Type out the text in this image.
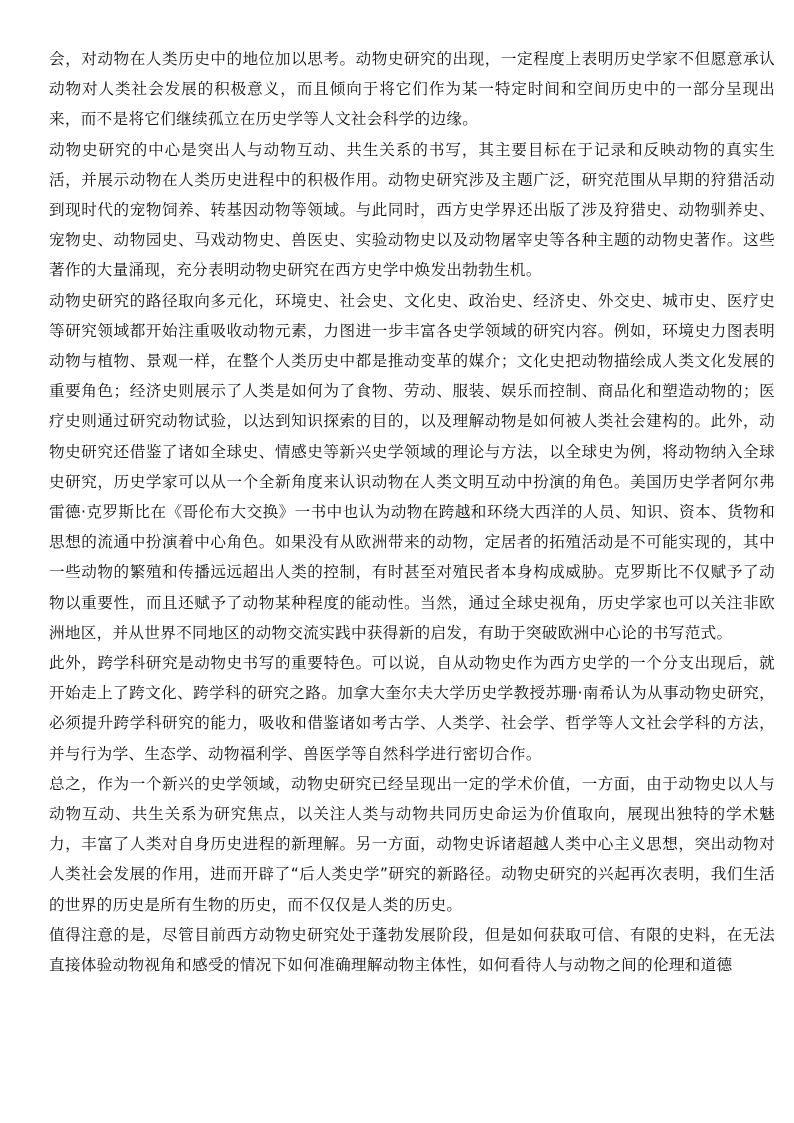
会，对动物在人类历史中的地位加以思考。动物史研究的出现，一定程度上表明历史学家不但愿意承认动物对人类社会发展的积极意义，而且倾向于将它们作为某一特定时间和空间历史中的一部分呈现出来，而不是将它们继续孤立在历史学等人文社会科学的边缘。

动物史研究的中心是突出人与动物互动、共生关系的书写，其主要目标在于记录和反映动物的真实生活，并展示动物在人类历史进程中的积极作用。动物史研究涉及主题广泛，研究范围从早期的狩猎活动到现时代的宠物饲养、转基因动物等领域。与此同时，西方史学界还出版了涉及狩猎史、动物驯养史、宠物史、动物园史、马戏动物史、兽医史、实验动物史以及动物屠宰史等各种主题的动物史著作。这些著作的大量涌现，充分表明动物史研究在西方史学中焕发出勃勃生机。

动物史研究的路径取向多元化，环境史、社会史、文化史、政治史、经济史、外交史、城市史、医疗史等研究领域都开始注重吸收动物元素，力图进一步丰富各史学领域的研究内容。例如，环境史力图表明动物与植物、景观一样，在整个人类历史中都是推动变革的媒介；文化史把动物描绘成人类文化发展的重要角色；经济史则展示了人类是如何为了食物、劳动、服装、娱乐而控制、商品化和塑造动物的；医疗史则通过研究动物试验，以达到知识探索的目的，以及理解动物是如何被人类社会建构的。此外，动物史研究还借鉴了诸如全球史、情感史等新兴史学领域的理论与方法，以全球史为例，将动物纳入全球史研究，历史学家可以从一个全新角度来认识动物在人类文明互动中扮演的角色。美国历史学者阿尔弗雷德·克罗斯比在《哥伦布大交换》一书中也认为动物在跨越和环绕大西洋的人员、知识、资本、货物和思想的流通中扮演着中心角色。如果没有从欧洲带来的动物，定居者的拓殖活动是不可能实现的，其中一些动物的繁殖和传播远远超出人类的控制，有时甚至对殖民者本身构成威胁。克罗斯比不仅赋予了动物以重要性，而且还赋予了动物某种程度的能动性。当然，通过全球史视角，历史学家也可以关注非欧洲地区，并从世界不同地区的动物交流实践中获得新的启发，有助于突破欧洲中心论的书写范式。

此外，跨学科研究是动物史书写的重要特色。可以说，自从动物史作为西方史学的一个分支出现后，就开始走上了跨文化、跨学科的研究之路。加拿大奎尔夫大学历史学教授苏珊·南希认为从事动物史研究，必须提升跨学科研究的能力，吸收和借鉴诸如考古学、人类学、社会学、哲学等人文社会学科的方法，并与行为学、生态学、动物福利学、兽医学等自然科学进行密切合作。

总之，作为一个新兴的史学领域，动物史研究已经呈现出一定的学术价值，一方面，由于动物史以人与动物互动、共生关系为研究焦点，以关注人类与动物共同历史命运为价值取向，展现出独特的学术魅力，丰富了人类对自身历史进程的新理解。另一方面，动物史诉诸超越人类中心主义思想，突出动物对人类社会发展的作用，进而开辟了“后人类史学”研究的新路径。动物史研究的兴起再次表明，我们生活的世界的历史是所有生物的历史，而不仅仅是人类的历史。

值得注意的是，尽管目前西方动物史研究处于蓬勃发展阶段，但是如何获取可信、有限的史料，在无法直接体验动物视角和感受的情况下如何准确理解动物主体性，如何看待人与动物之间的伦理和道德
